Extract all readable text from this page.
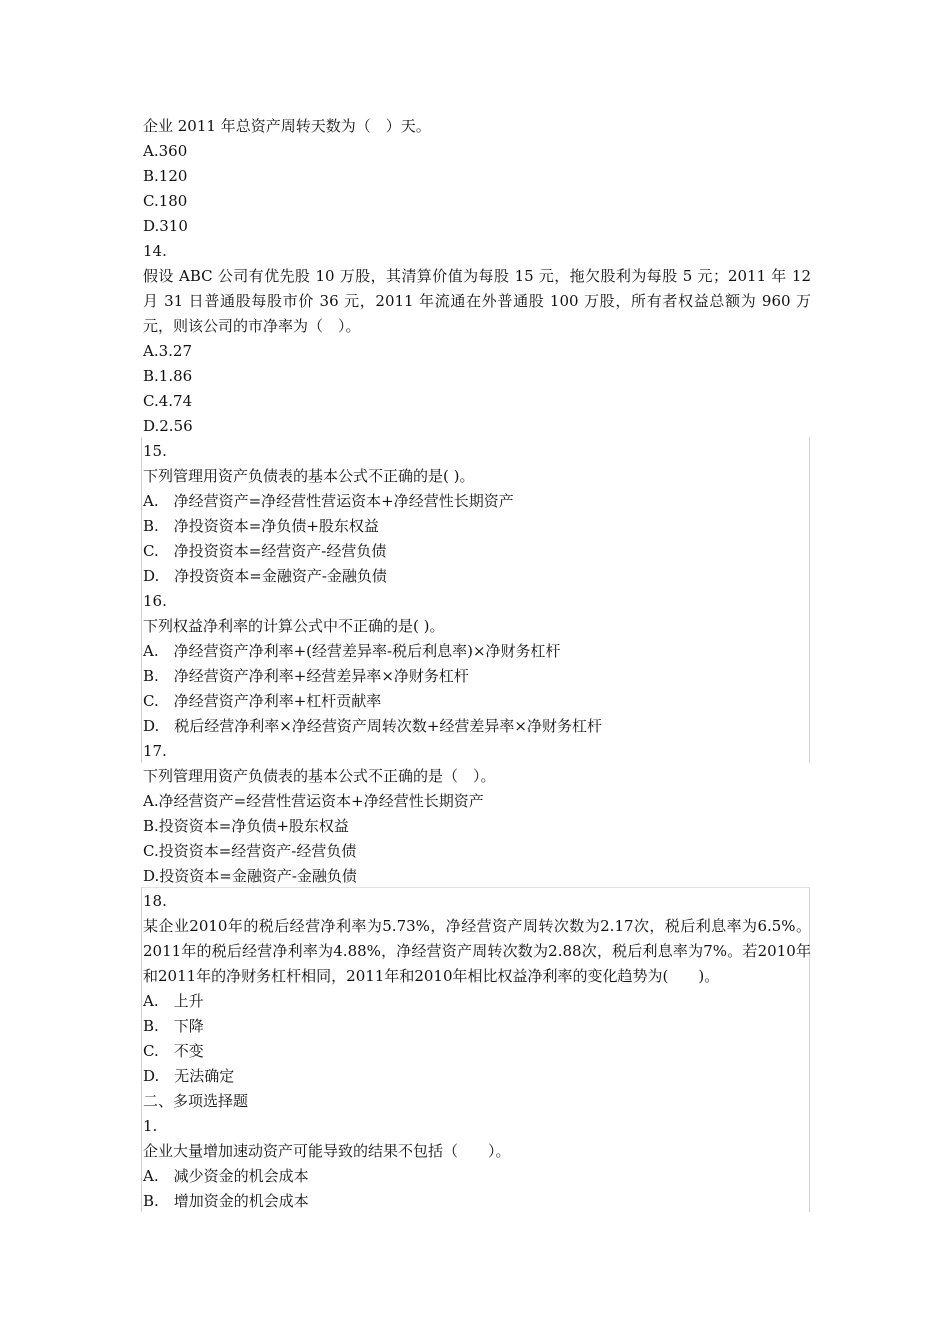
企业 2011 年总资产周转天数为（　）天。
A.360
B.120
C.180
D.310
14.
假设 ABC 公司有优先股 10 万股，其清算价值为每股 15 元，拖欠股利为每股 5 元；2011 年 12 月 31 日普通股每股市价 36 元，2011 年流通在外普通股 100 万股，所有者权益总额为 960 万元，则该公司的市净率为（　）。
A.3.27
B.1.86
C.4.74
D.2.56
15.
下列管理用资产负债表的基本公式不正确的是( )。
A.　净经营资产=净经营性营运资本+净经营性长期资产
B.　净投资资本=净负债+股东权益
C.　净投资资本=经营资产-经营负债
D.　净投资资本=金融资产-金融负债
16.
下列权益净利率的计算公式中不正确的是( )。
A.　净经营资产净利率+(经营差异率-税后利息率)×净财务杠杆
B.　净经营资产净利率+经营差异率×净财务杠杆
C.　净经营资产净利率+杠杆贡献率
D.　税后经营净利率×净经营资产周转次数+经营差异率×净财务杠杆
17.
下列管理用资产负债表的基本公式不正确的是（　）。
A.净经营资产=经营性营运资本+净经营性长期资产
B.投资资本=净负债+股东权益
C.投资资本=经营资产-经营负债
D.投资资本=金融资产-金融负债
18.
某企业2010年的税后经营净利率为5.73%，净经营资产周转次数为2.17次，税后利息率为6.5%。2011年的税后经营净利率为4.88%，净经营资产周转次数为2.88次，税后利息率为7%。若2010年和2011年的净财务杠杆相同，2011年和2010年相比权益净利率的变化趋势为(　　)。
A.　上升
B.　下降
C.　不变
D.　无法确定
二、多项选择题
1.
企业大量增加速动资产可能导致的结果不包括（　　）。
A.　减少资金的机会成本
B.　增加资金的机会成本
